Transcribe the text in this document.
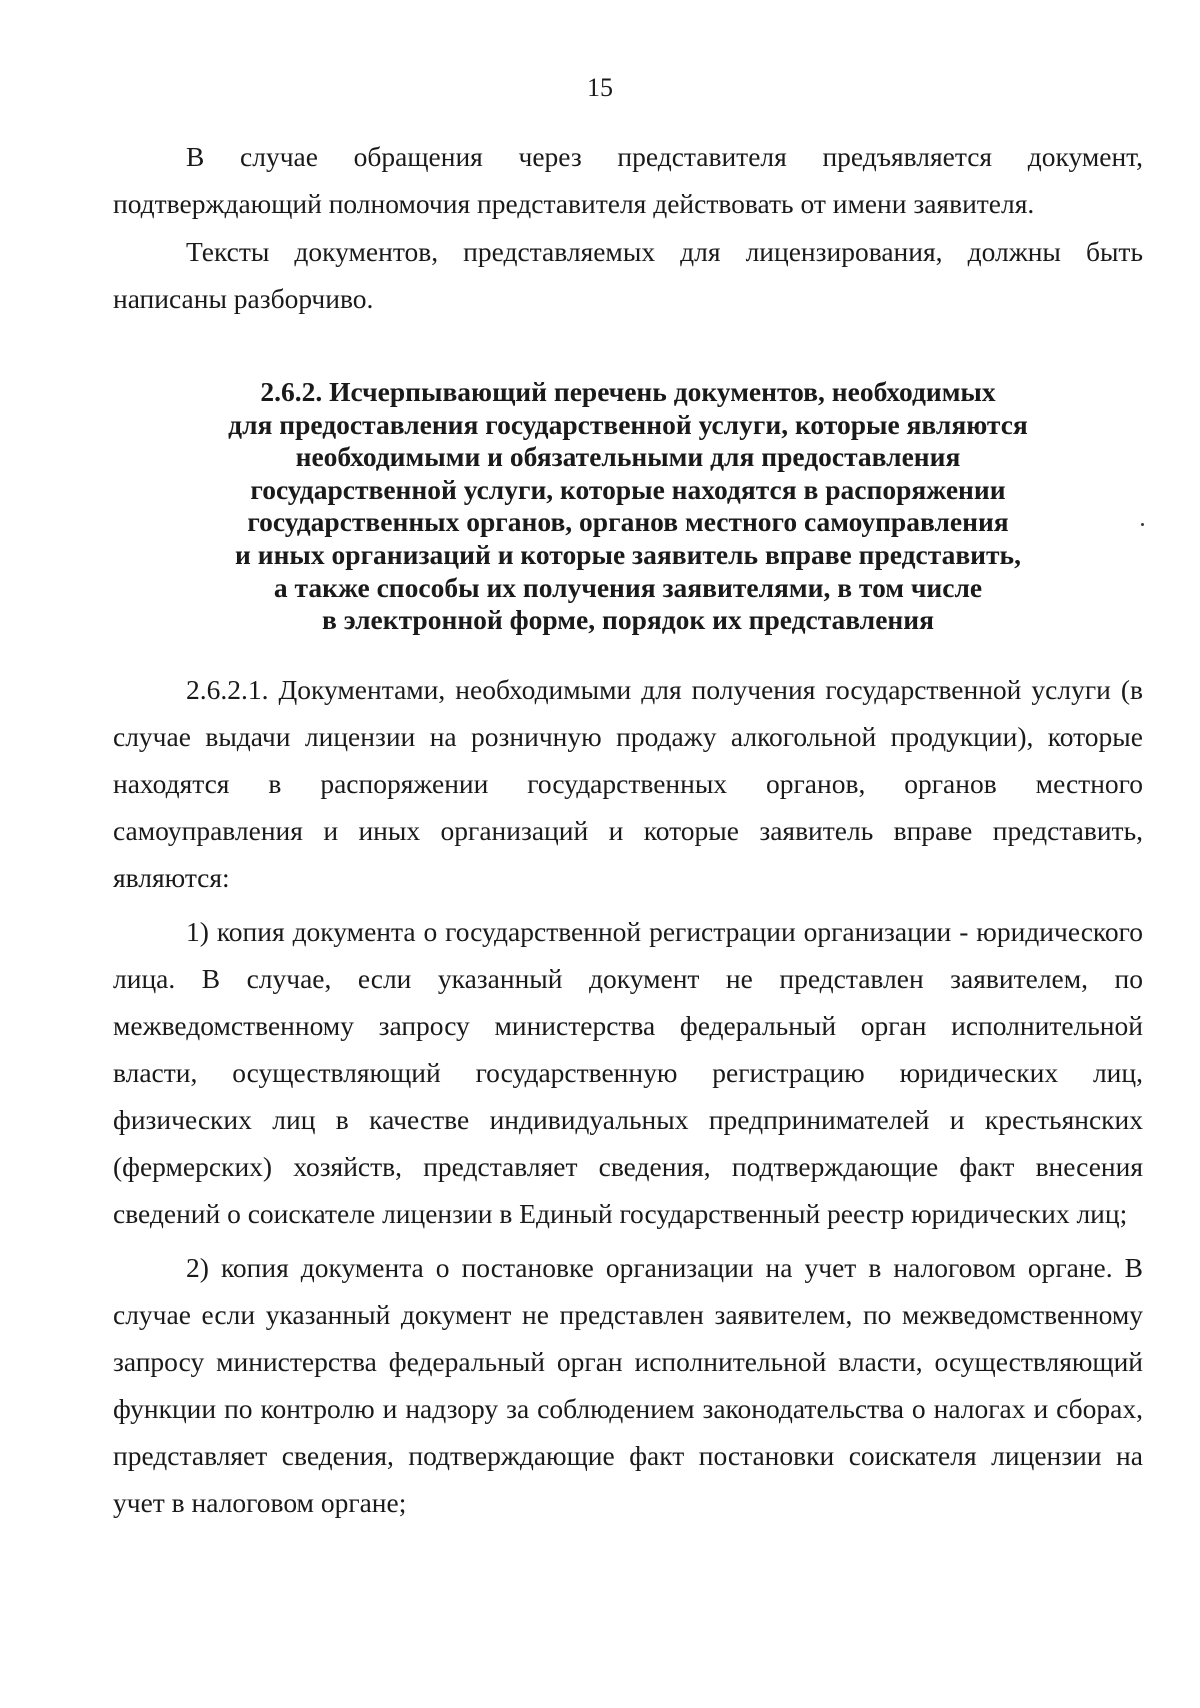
15

В случае обращения через представителя предъявляется документ, подтверждающий полномочия представителя действовать от имени заявителя.

Тексты документов, представляемых для лицензирования, должны быть написаны разборчиво.

2.6.2. Исчерпывающий перечень документов, необходимых
для предоставления государственной услуги, которые являются
необходимыми и обязательными для предоставления
государственной услуги, которые находятся в распоряжении
государственных органов, органов местного самоуправления
и иных организаций и которые заявитель вправе представить,
а также способы их получения заявителями, в том числе
в электронной форме, порядок их представления

2.6.2.1. Документами, необходимыми для получения государственной услуги (в случае выдачи лицензии на розничную продажу алкогольной продукции), которые находятся в распоряжении государственных органов, органов местного самоуправления и иных организаций и которые заявитель вправе представить, являются:

1) копия документа о государственной регистрации организации - юридического лица. В случае, если указанный документ не представлен заявителем, по межведомственному запросу министерства федеральный орган исполнительной власти, осуществляющий государственную регистрацию юридических лиц, физических лиц в качестве индивидуальных предпринимателей и крестьянских (фермерских) хозяйств, представляет сведения, подтверждающие факт внесения сведений о соискателе лицензии в Единый государственный реестр юридических лиц;

2) копия документа о постановке организации на учет в налоговом органе. В случае если указанный документ не представлен заявителем, по межведомственному запросу министерства федеральный орган исполнительной власти, осуществляющий функции по контролю и надзору за соблюдением законодательства о налогах и сборах, представляет сведения, подтверждающие факт постановки соискателя лицензии на учет в налоговом органе;
